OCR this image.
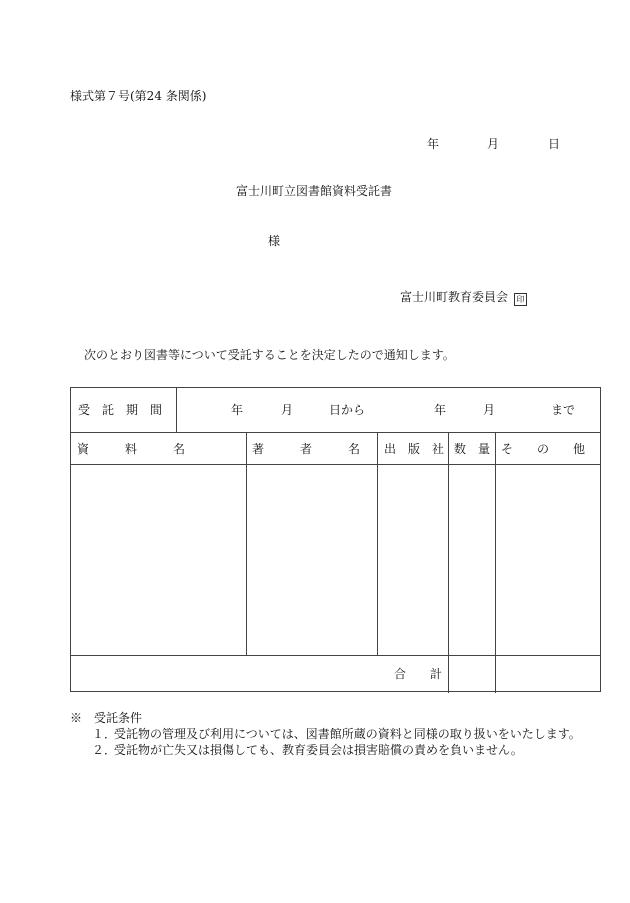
様式第７号(第24 条関係)
年	月	日
富士川町立図書館資料受託書
様
富士川町教育委員会 印
次のとおり図書等について受託することを決定したので通知します。
受　託　期　間	年	月	日から	年	月	まで
資　　　料　　　名	著　　　者　　　名	出　版　社 数　量 そ　　の　　他
合　　計
※　受託条件
１．
受託物の管理及び利用については、図書館所蔵の資料と同様の取り扱いをいたします。
２．
受託物が亡失又は損傷しても、教育委員会は損害賠償の責めを負いません。
